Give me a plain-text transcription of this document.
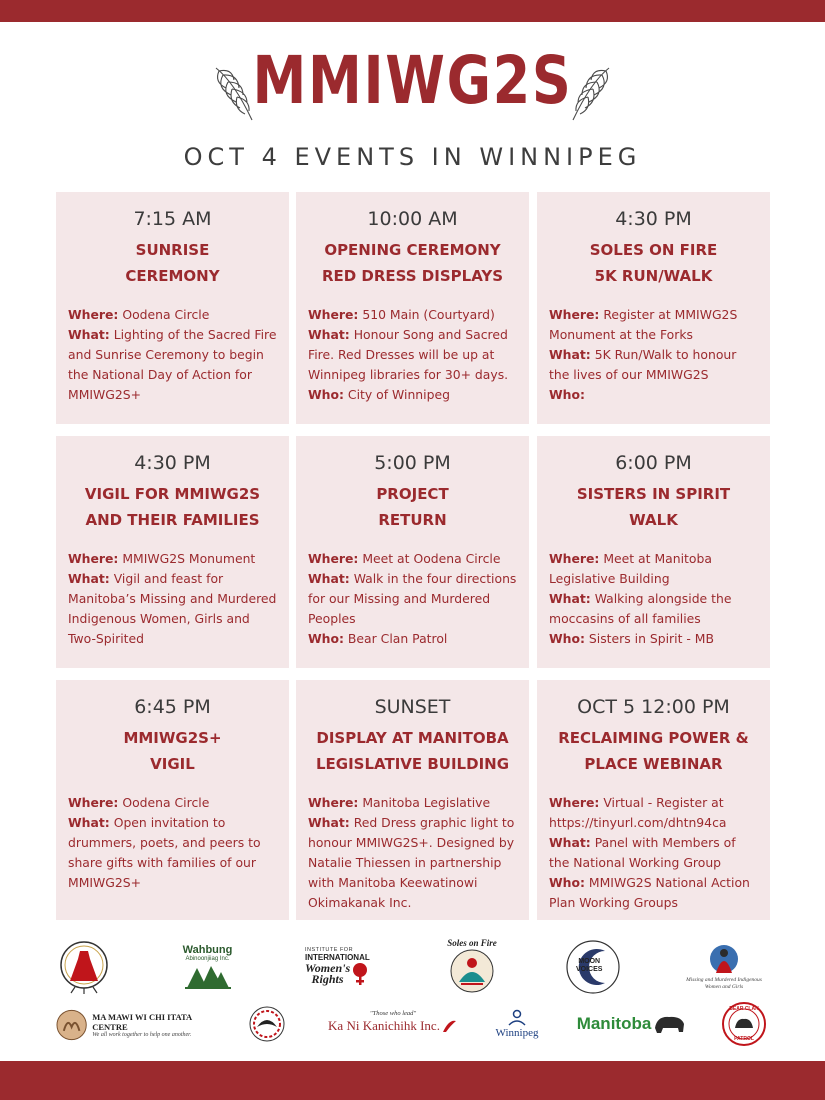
MMIWG2S
OCT 4 EVENTS IN WINNIPEG
7:15 AM
SUNRISE
CEREMONY
Where: Oodena Circle
What: Lighting of the Sacred Fire and Sunrise Ceremony to begin the National Day of Action for MMIWG2S+
10:00 AM
OPENING CEREMONY
RED DRESS DISPLAYS
Where: 510 Main (Courtyard)
What: Honour Song and Sacred Fire. Red Dresses will be up at Winnipeg libraries for 30+ days.
Who: City of Winnipeg
4:30 PM
SOLES ON FIRE
5K RUN/WALK
Where: Register at MMIWG2S Monument at the Forks
What: 5K Run/Walk to honour the lives of our MMIWG2S
Who:
4:30 PM
VIGIL FOR MMIWG2S
AND THEIR FAMILIES
Where: MMIWG2S Monument
What: Vigil and feast for Manitoba’s Missing and Murdered Indigenous Women, Girls and Two-Spirited
5:00 PM
PROJECT
RETURN
Where: Meet at Oodena Circle
What: Walk in the four directions for our Missing and Murdered Peoples
Who: Bear Clan Patrol
6:00 PM
SISTERS IN SPIRIT
WALK
Where: Meet at Manitoba Legislative Building
What: Walking alongside the moccasins of all families
Who: Sisters in Spirit - MB
6:45 PM
MMIWG2S+
VIGIL
Where: Oodena Circle
What: Open invitation to drummers, poets, and peers to share gifts with families of our MMIWG2S+
SUNSET
DISPLAY AT MANITOBA
LEGISLATIVE BUILDING
Where: Manitoba Legislative
What: Red Dress graphic light to honour MMIWG2S+. Designed by Natalie Thiessen in partnership with Manitoba Keewatinowi Okimakanak Inc.
OCT 5 12:00 PM
RECLAIMING POWER &
PLACE WEBINAR
Where: Virtual - Register at https://tinyurl.com/dhtn94ca
What: Panel with Members of the National Working Group
Who: MMIWG2S National Action Plan Working Groups
Wahbung
Abinoonjiiag Inc.
INSTITUTE FOR
INTERNATIONAL
Women's
Rights
Soles on Fire
MOON
VOICES
Missing and Murdered Indigenous Women and Girls
MA MAWI WI CHI ITATA CENTRE
We all work together to help one another.
"Those who lead"
Ka Ni Kanichihk Inc.
Winnipeg Manitoba
BEAR CLAN
PATROL
